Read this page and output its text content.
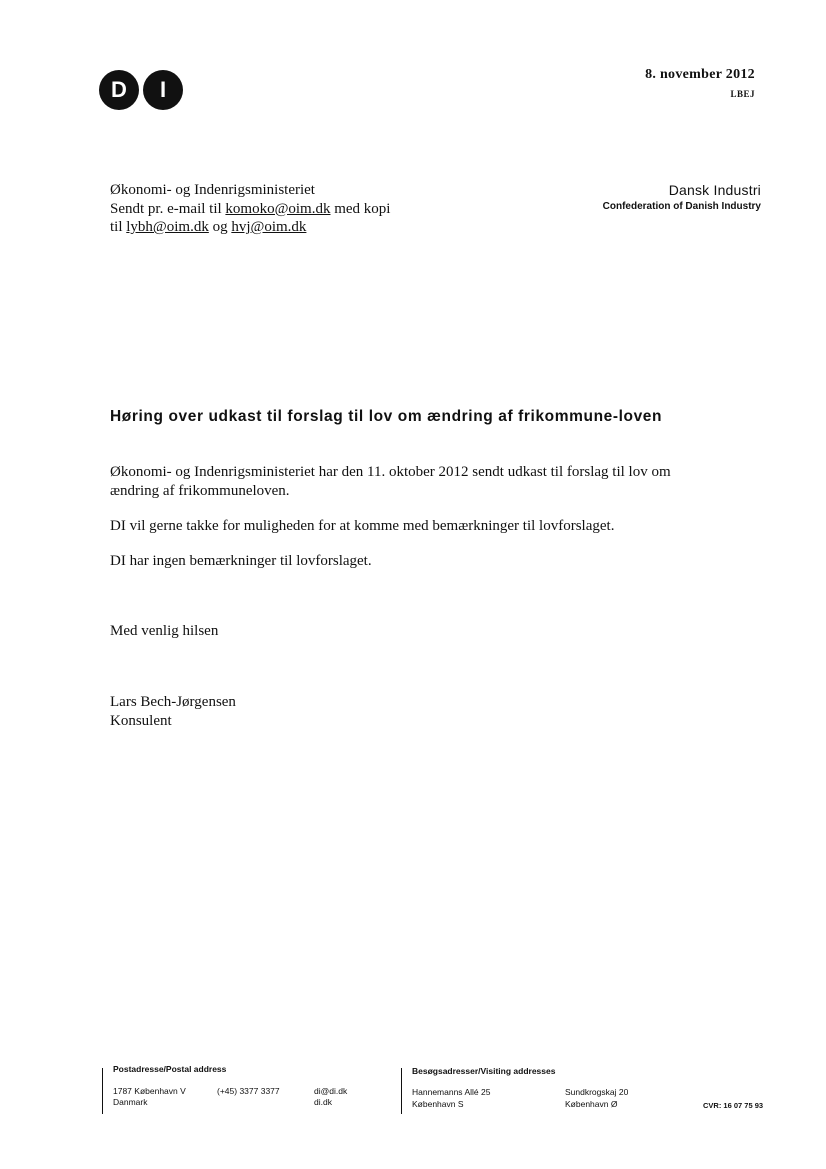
D I
8. november 2012
LBEJ
Økonomi- og Indenrigsministeriet
Sendt pr. e-mail til komoko@oim.dk med kopi
til lybh@oim.dk og hvj@oim.dk
Dansk Industri
Confederation of Danish Industry
Høring over udkast til forslag til lov om ændring af frikommune-loven

Økonomi- og Indenrigsministeriet har den 11. oktober 2012 sendt udkast til forslag til lov om ændring af frikommuneloven.

DI vil gerne takke for muligheden for at komme med bemærkninger til lovforslaget.

DI har ingen bemærkninger til lovforslaget.

Med venlig hilsen

Lars Bech-Jørgensen

Konsulent

Postadresse/Postal address
1787 København V
Danmark
(+45) 3377 3377	di@di.dk
di.dk
Besøgsadresser/Visiting addresses
Hannemanns Allé 25
København S
Sundkrogskaj 20
København Ø	CVR: 16 07 75 93
